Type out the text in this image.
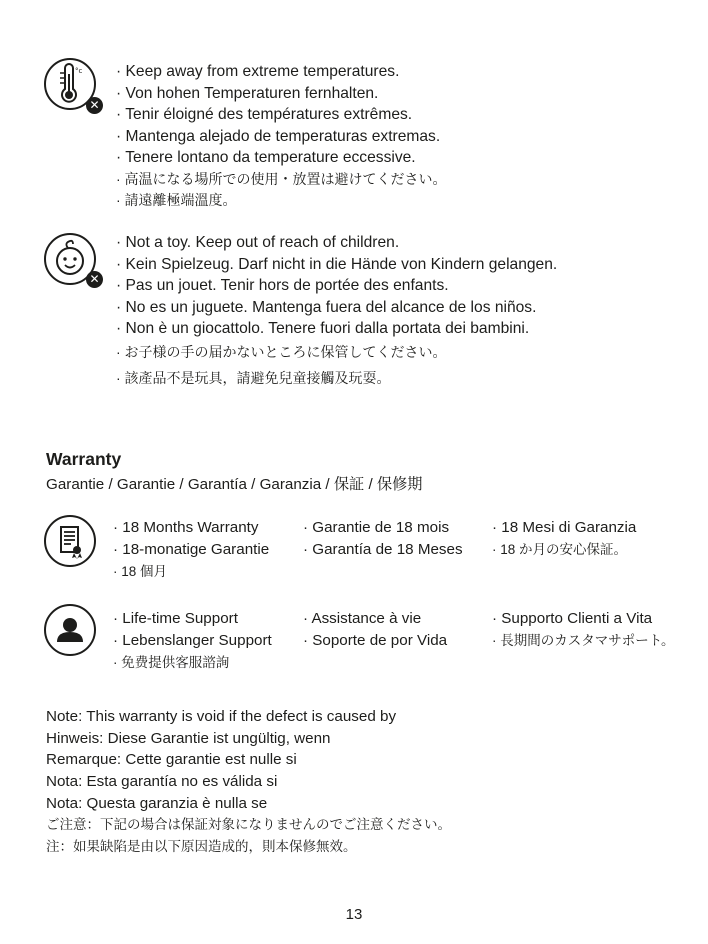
°c
✕
· Keep away from extreme temperatures.
· Von hohen Temperaturen fernhalten.
· Tenir éloigné des températures extrêmes.
· Mantenga alejado de temperaturas extremas.
· Tenere lontano da temperature eccessive.
· 高温になる場所での使用・放置は避けてください。
· 請遠離極端溫度。
✕
· Not a toy. Keep out of reach of children.
· Kein Spielzeug. Darf nicht in die Hände von Kindern gelangen.
· Pas un jouet. Tenir hors de portée des enfants.
· No es un juguete. Mantenga fuera del alcance de los niños.
· Non è un giocattolo. Tenere fuori dalla portata dei bambini.
· お子様の手の届かないところに保管してください。
· 該產品不是玩具，請避免兒童接觸及玩耍。
Warranty
Garantie / Garantie / Garantía / Garanzia / 保証 / 保修期
· 18 Months Warranty
· 18-monatige Garantie
· 18 個月
· Garantie de 18 mois
· Garantía de 18 Meses
· 18 Mesi di Garanzia
· 18 か月の安心保証。
· Life-time Support
· Lebenslanger Support
· 免费提供客服諮詢
· Assistance à vie
· Soporte de por Vida
· Supporto Clienti a Vita
· 長期間のカスタマサポート。
Note: This warranty is void if the defect is caused by
Hinweis: Diese Garantie ist ungültig, wenn
Remarque: Cette garantie est nulle si
Nota: Esta garantía no es válida si
Nota: Questa garanzia è nulla se
ご注意：下記の場合は保証対象になりませんのでご注意ください。
注：如果缺陷是由以下原因造成的，則本保修無效。
13
